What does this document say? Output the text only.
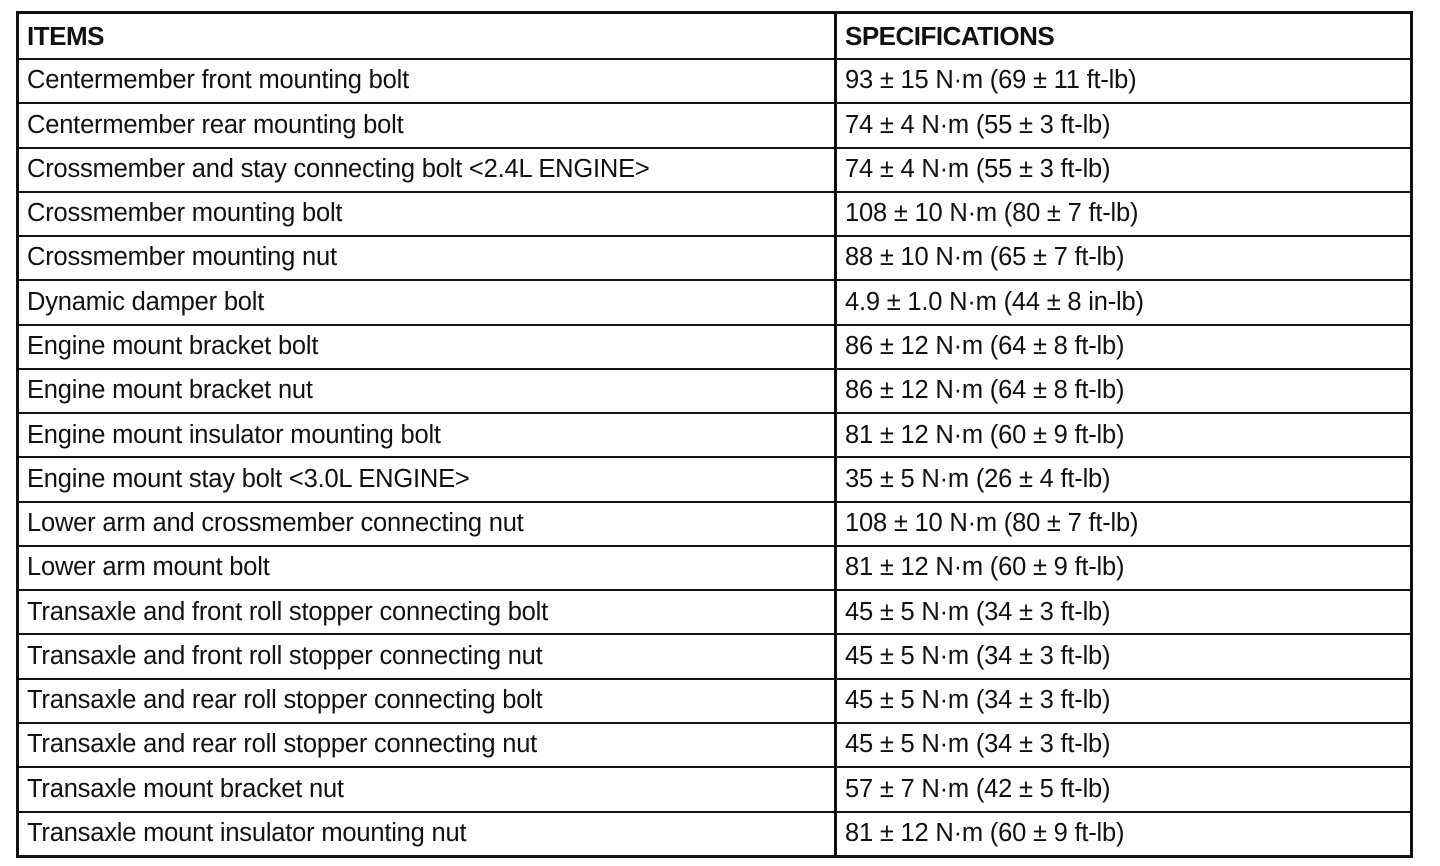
ITEMS	SPECIFICATIONS
Centermember front mounting bolt	93 ± 15 N·m (69 ± 11 ft-lb)
Centermember rear mounting bolt	74 ± 4 N·m (55 ± 3 ft-lb)
Crossmember and stay connecting bolt <2.4L ENGINE>	74 ± 4 N·m (55 ± 3 ft-lb)
Crossmember mounting bolt	108 ± 10 N·m (80 ± 7 ft-lb)
Crossmember mounting nut	88 ± 10 N·m (65 ± 7 ft-lb)
Dynamic damper bolt	4.9 ± 1.0 N·m (44 ± 8 in-lb)
Engine mount bracket bolt	86 ± 12 N·m (64 ± 8 ft-lb)
Engine mount bracket nut	86 ± 12 N·m (64 ± 8 ft-lb)
Engine mount insulator mounting bolt	81 ± 12 N·m (60 ± 9 ft-lb)
Engine mount stay bolt <3.0L ENGINE>	35 ± 5 N·m (26 ± 4 ft-lb)
Lower arm and crossmember connecting nut	108 ± 10 N·m (80 ± 7 ft-lb)
Lower arm mount bolt	81 ± 12 N·m (60 ± 9 ft-lb)
Transaxle and front roll stopper connecting bolt	45 ± 5 N·m (34 ± 3 ft-lb)
Transaxle and front roll stopper connecting nut	45 ± 5 N·m (34 ± 3 ft-lb)
Transaxle and rear roll stopper connecting bolt	45 ± 5 N·m (34 ± 3 ft-lb)
Transaxle and rear roll stopper connecting nut	45 ± 5 N·m (34 ± 3 ft-lb)
Transaxle mount bracket nut	57 ± 7 N·m (42 ± 5 ft-lb)
Transaxle mount insulator mounting nut	81 ± 12 N·m (60 ± 9 ft-lb)
